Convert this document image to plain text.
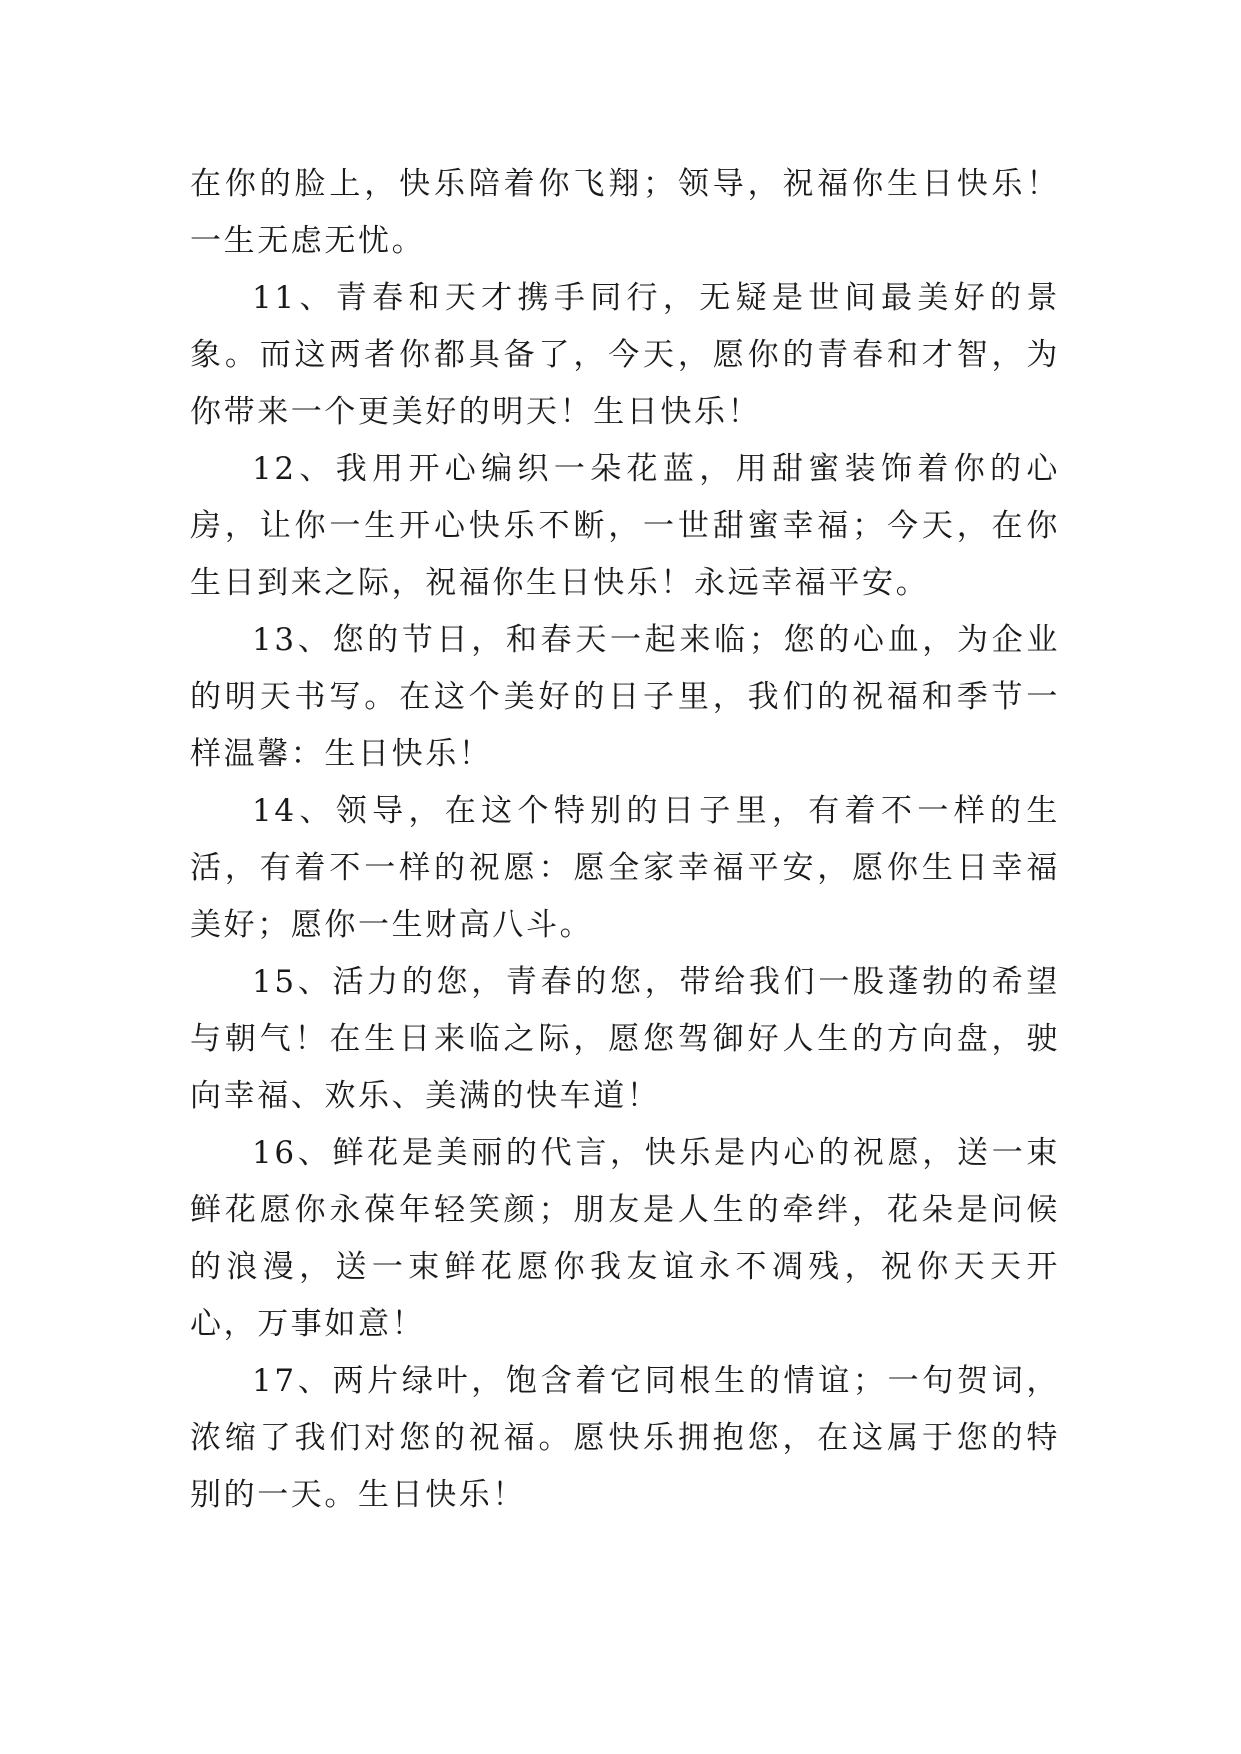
在你的脸上，快乐陪着你飞翔；领导，祝福你生日快乐！一生无虑无忧。

11、青春和天才携手同行，无疑是世间最美好的景象。而这两者你都具备了，今天，愿你的青春和才智，为你带来一个更美好的明天！生日快乐！

12、我用开心编织一朵花蓝，用甜蜜装饰着你的心房，让你一生开心快乐不断，一世甜蜜幸福；今天，在你生日到来之际，祝福你生日快乐！永远幸福平安。

13、您的节日，和春天一起来临；您的心血，为企业的明天书写。在这个美好的日子里，我们的祝福和季节一样温馨：生日快乐！

14、领导，在这个特别的日子里，有着不一样的生活，有着不一样的祝愿：愿全家幸福平安，愿你生日幸福美好；愿你一生财高八斗。

15、活力的您，青春的您，带给我们一股蓬勃的希望与朝气！在生日来临之际，愿您驾御好人生的方向盘，驶向幸福、欢乐、美满的快车道！

16、鲜花是美丽的代言，快乐是内心的祝愿，送一束鲜花愿你永葆年轻笑颜；朋友是人生的牵绊，花朵是问候的浪漫，送一束鲜花愿你我友谊永不凋残，祝你天天开心，万事如意！

17、两片绿叶，饱含着它同根生的情谊；一句贺词，浓缩了我们对您的祝福。愿快乐拥抱您，在这属于您的特别的一天。生日快乐！
